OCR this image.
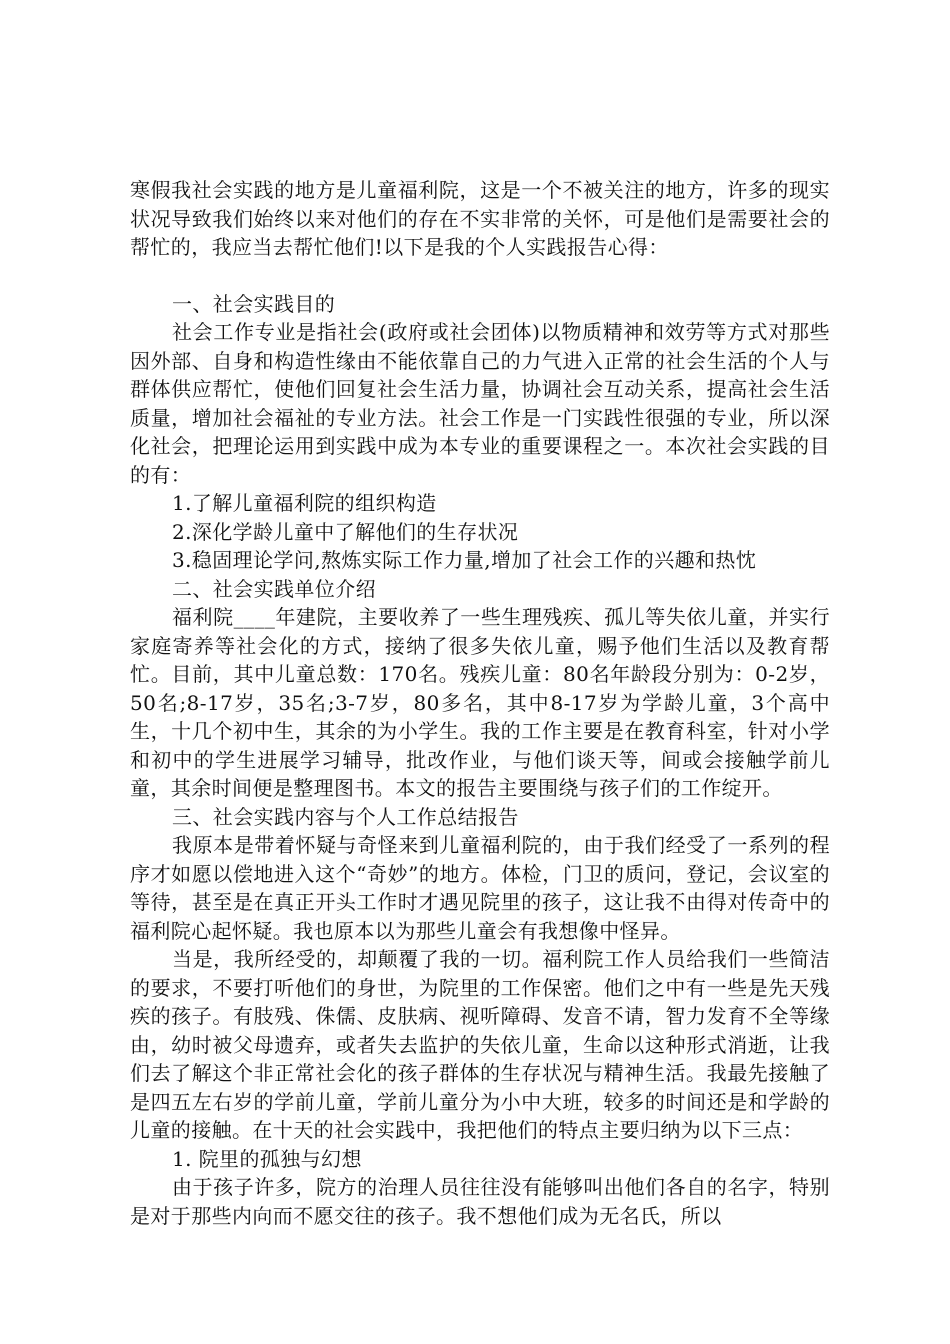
寒假我社会实践的地方是儿童福利院，这是一个不被关注的地方，许多的现实状况导致我们始终以来对他们的存在不实非常的关怀，可是他们是需要社会的帮忙的，我应当去帮忙他们!以下是我的个人实践报告心得：

一、社会实践目的

社会工作专业是指社会(政府或社会团体)以物质精神和效劳等方式对那些因外部、自身和构造性缘由不能依靠自己的力气进入正常的社会生活的个人与群体供应帮忙，使他们回复社会生活力量，协调社会互动关系，提高社会生活质量，增加社会福祉的专业方法。社会工作是一门实践性很强的专业，所以深化社会，把理论运用到实践中成为本专业的重要课程之一。本次社会实践的目的有：

1.了解儿童福利院的组织构造

2.深化学龄儿童中了解他们的生存状况

3.稳固理论学问,熬炼实际工作力量,增加了社会工作的兴趣和热忱

二、社会实践单位介绍

福利院____年建院，主要收养了一些生理残疾、孤儿等失依儿童，并实行家庭寄养等社会化的方式，接纳了很多失依儿童，赐予他们生活以及教育帮忙。目前，其中儿童总数：170名。残疾儿童：80名年龄段分别为：0-2岁，50名;8-17岁，35名;3-7岁，80多名，其中8-17岁为学龄儿童，3个高中生，十几个初中生，其余的为小学生。我的工作主要是在教育科室，针对小学和初中的学生进展学习辅导，批改作业，与他们谈天等，间或会接触学前儿童，其余时间便是整理图书。本文的报告主要围绕与孩子们的工作绽开。

三、社会实践内容与个人工作总结报告

我原本是带着怀疑与奇怪来到儿童福利院的，由于我们经受了一系列的程序才如愿以偿地进入这个“奇妙”的地方。体检，门卫的质问，登记，会议室的等待，甚至是在真正开头工作时才遇见院里的孩子，这让我不由得对传奇中的福利院心起怀疑。我也原本以为那些儿童会有我想像中怪异。

当是，我所经受的，却颠覆了我的一切。福利院工作人员给我们一些简洁的要求，不要打听他们的身世，为院里的工作保密。他们之中有一些是先天残疾的孩子。有肢残、侏儒、皮肤病、视听障碍、发音不请，智力发育不全等缘由，幼时被父母遗弃，或者失去监护的失依儿童，生命以这种形式消逝，让我们去了解这个非正常社会化的孩子群体的生存状况与精神生活。我最先接触了是四五左右岁的学前儿童，学前儿童分为小中大班，较多的时间还是和学龄的儿童的接触。在十天的社会实践中，我把他们的特点主要归纳为以下三点：

1. 院里的孤独与幻想

由于孩子许多，院方的治理人员往往没有能够叫出他们各自的名字，特别是对于那些内向而不愿交往的孩子。我不想他们成为无名氏，所以
